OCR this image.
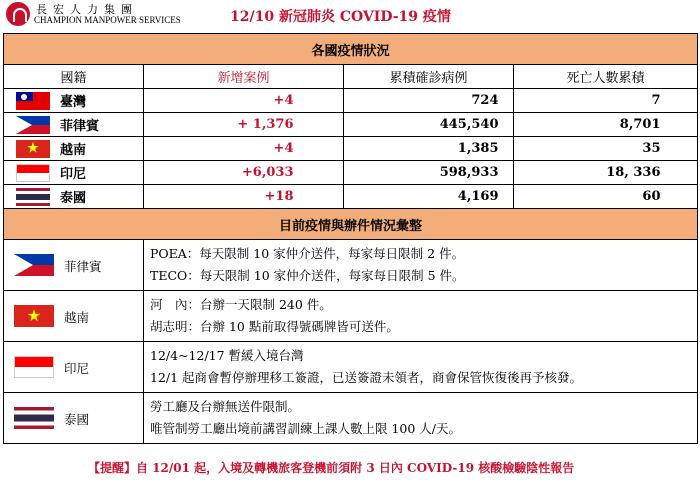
長宏人力集團
CHAMPION MANPOWER SERVICES	12/10 新冠肺炎 COVID-19 疫情
各國疫情狀況			
國籍	新增案例	累積確診病例	死亡人數累積

臺灣	+4	724	7

菲律賓	+ 1,376	445,540	8,701

★
越南	+4	1,385	35

印尼	+6,033	598,933	18, 336

泰國	+18	4,169	60
目前疫情與辦件情況彙整			

菲律賓	POEA：每天限制 10 家仲介送件，每家每日限制 2 件。
TECO：每天限制 10 家仲介送件，每家每日限制 5 件。		

★
越南	河　內：台辦一天限制 240 件。
胡志明：台辦 10 點前取得號碼牌皆可送件。		

印尼	12/4~12/17 暫緩入境台灣
12/1 起商會暫停辦理移工簽證，已送簽證未領者，商會保管恢復後再予核發。		

泰國	勞工廳及台辦無送件限制。
唯管制勞工廳出境前講習訓練上課人數上限 100 人/天。		
【提醒】自 12/01 起，入境及轉機旅客登機前須附 3 日內 COVID-19 核酸檢驗陰性報告
